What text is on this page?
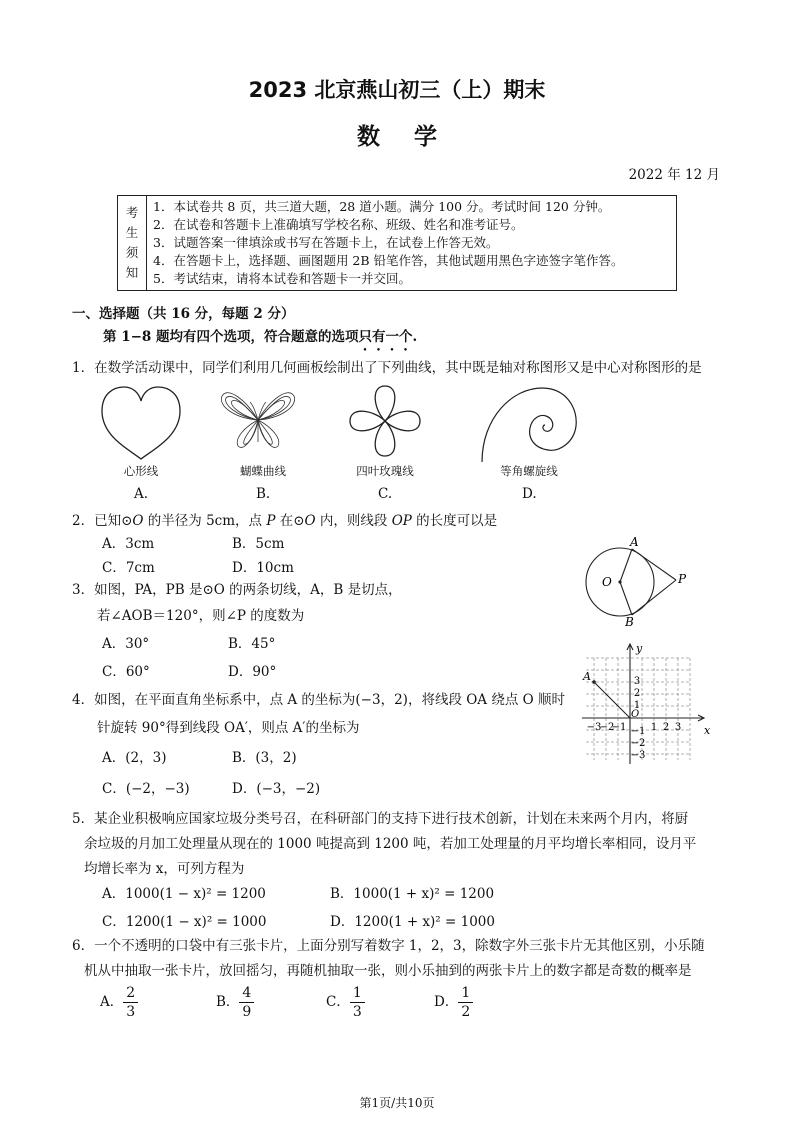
2023 北京燕山初三（上）期末
数学
2022 年 12 月
考
生
须
知

1．本试卷共 8 页，共三道大题，28 道小题。满分 100 分。考试时间 120 分钟。
2．在试卷和答题卡上准确填写学校名称、班级、姓名和准考证号。
3．试题答案一律填涂或书写在答题卡上，在试卷上作答无效。
4．在答题卡上，选择题、画图题用 2B 铅笔作答，其他试题用黑色字迹签字笔作答。
5．考试结束，请将本试卷和答题卡一并交回。
一、选择题（共 16 分，每题 2 分）
第 1−8 题均有四个选项，符合题意的选项只有一个.
1．在数学活动课中，同学们利用几何画板绘制出了下列曲线，其中既是轴对称图形又是中心对称图形的是
心形线	蝴蝶曲线	四叶玫瑰线	等角螺旋线
A.	B.	C.	D.
2．已知⊙O 的半径为 5cm，点 P 在⊙O 内，则线段 OP 的长度可以是
A．3cm	B．5cm
C．7cm	D．10cm
A
B
O	P
3．如图，PA，PB 是⊙O 的两条切线，A，B 是切点，
若∠AOB＝120°，则∠P 的度数为
A．30°	B．45°
C．60°	D．90°
y
x
A
O
−3
−2
−1 1 2 3
3
2
1
−1
−2
−3
4．如图，在平面直角坐标系中，点 A 的坐标为(−3，2)，将线段 OA 绕点 O 顺时
针旋转 90°得到线段 OA′，则点 A′的坐标为
A．(2，3)	B．(3，2)
C．(−2，−3)	D．(−3，−2)
5．某企业积极响应国家垃圾分类号召，在科研部门的支持下进行技术创新，计划在未来两个月内，将厨
余垃圾的月加工处理量从现在的 1000 吨提高到 1200 吨，若加工处理量的月平均增长率相同，设月平
均增长率为 x，可列方程为
A．1000(1 − x)² = 1200	B．1000(1 + x)² = 1200
C．1200(1 − x)² = 1000	D．1200(1 + x)² = 1000
6．一个不透明的口袋中有三张卡片，上面分别写着数字 1，2，3，除数字外三张卡片无其他区别，小乐随
机从中抽取一张卡片，放回摇匀，再随机抽取一张，则小乐抽到的两张卡片上的数字都是奇数的概率是
A． $\frac{2}{3}$	B． $\frac{4}{9}$	C． $\frac{1}{3}$	D． $\frac{1}{2}$
第1页/共10页
